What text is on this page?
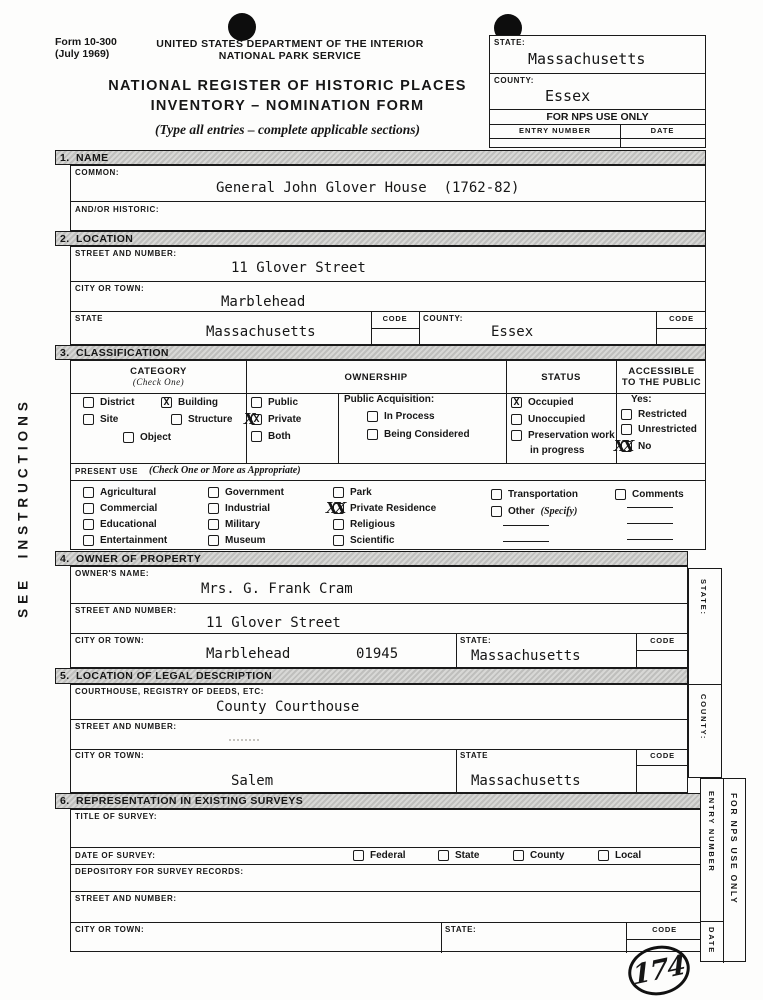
Form 10-300
(July 1969)
UNITED STATES DEPARTMENT OF THE INTERIOR
NATIONAL PARK SERVICE
NATIONAL REGISTER OF HISTORIC PLACES
INVENTORY – NOMINATION FORM
(Type all entries – complete applicable sections)
STATE:
Massachusetts
COUNTY:
Essex
FOR NPS USE ONLY
ENTRY NUMBER	DATE
SEE  INSTRUCTIONS
1. NAME
COMMON:
General John Glover House  (1762-82)
AND/OR HISTORIC:
2. LOCATION
STREET AND NUMBER:
11 Glover Street
CITY OR TOWN:
Marblehead
STATE
Massachusetts
CODE	COUNTY:
Essex
CODE
3. CLASSIFICATION
CATEGORY
(Check One)	OWNERSHIP	STATUS
ACCESSIBLE
TO THE PUBLIC
District
Site
X Building
Structure
Object
Public
X
X Private
Both
Public Acquisition:
In Process
Being Considered
X Occupied
Unoccupied
Preservation work
in progress
Yes:
Restricted
Unrestricted
XX No
PRESENT USE (Check One or More as Appropriate)
Agricultural
Commercial
Educational
Entertainment
Government
Industrial
Military
Museum
Park
XX Private Residence
Religious
Scientific
Transportation
Other (Specify)
Comments
4. OWNER OF PROPERTY
OWNER'S NAME:
Mrs. G. Frank Cram
STREET AND NUMBER:
11 Glover Street
CITY OR TOWN:
Marblehead	01945
STATE:
Massachusetts
CODE
5. LOCATION OF LEGAL DESCRIPTION
COURTHOUSE, REGISTRY OF DEEDS, ETC:
County Courthouse
STREET AND NUMBER:
CITY OR TOWN:
Salem
STATE
Massachusetts
CODE
6. REPRESENTATION IN EXISTING SURVEYS
TITLE OF SURVEY:
DATE OF SURVEY:	Federal	State	County	Local
DEPOSITORY FOR SURVEY RECORDS:
STREET AND NUMBER:
CITY OR TOWN:	STATE:	CODE
STATE:
COUNTY:
ENTRY NUMBER
DATE
FOR NPS USE ONLY
174
